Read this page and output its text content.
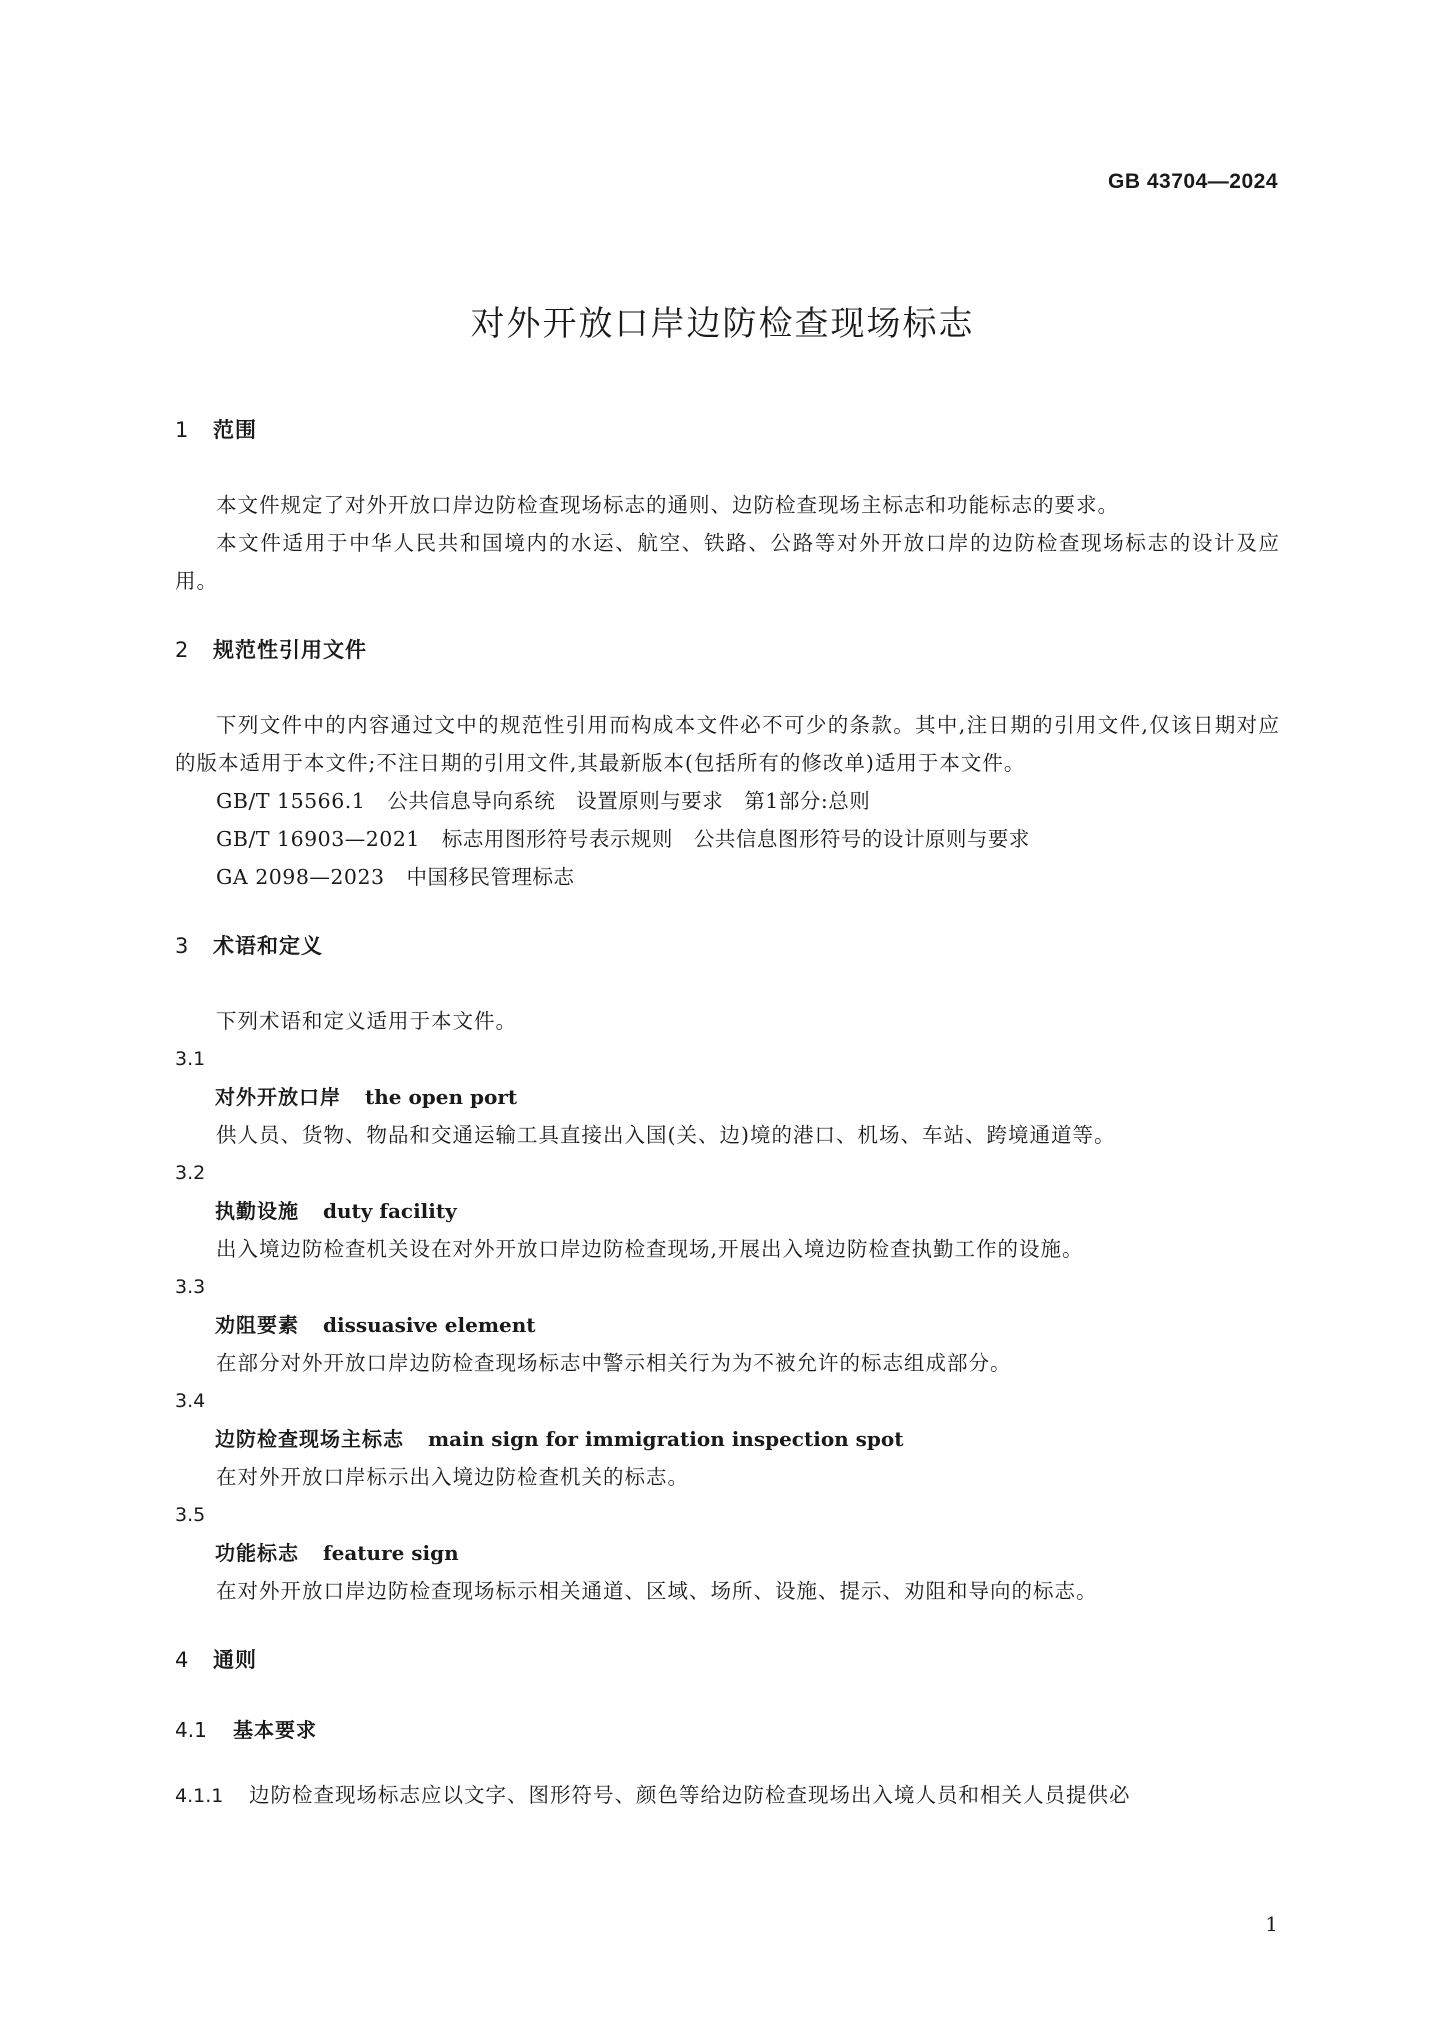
GB 43704—2024
对外开放口岸边防检查现场标志
1 范围

本文件规定了对外开放口岸边防检查现场标志的通则、边防检查现场主标志和功能标志的要求。

本文件适用于中华人民共和国境内的水运、航空、铁路、公路等对外开放口岸的边防检查现场标志的设计及应用。

2 规范性引用文件

下列文件中的内容通过文中的规范性引用而构成本文件必不可少的条款。其中,注日期的引用文件,仅该日期对应的版本适用于本文件;不注日期的引用文件,其最新版本(包括所有的修改单)适用于本文件。

GB/T 15566.1 公共信息导向系统　设置原则与要求　第1部分:总则

GB/T 16903—2021 标志用图形符号表示规则　公共信息图形符号的设计原则与要求

GA 2098—2023 中国移民管理标志

3 术语和定义

下列术语和定义适用于本文件。

3.1

对外开放口岸 the open port

供人员、货物、物品和交通运输工具直接出入国(关、边)境的港口、机场、车站、跨境通道等。

3.2

执勤设施 duty facility

出入境边防检查机关设在对外开放口岸边防检查现场,开展出入境边防检查执勤工作的设施。

3.3

劝阻要素 dissuasive element

在部分对外开放口岸边防检查现场标志中警示相关行为为不被允许的标志组成部分。

3.4

边防检查现场主标志 main sign for immigration inspection spot

在对外开放口岸标示出入境边防检查机关的标志。

3.5

功能标志 feature sign

在对外开放口岸边防检查现场标示相关通道、区域、场所、设施、提示、劝阻和导向的标志。

4 通则
4.1 基本要求

4.1.1 边防检查现场标志应以文字、图形符号、颜色等给边防检查现场出入境人员和相关人员提供必

1
